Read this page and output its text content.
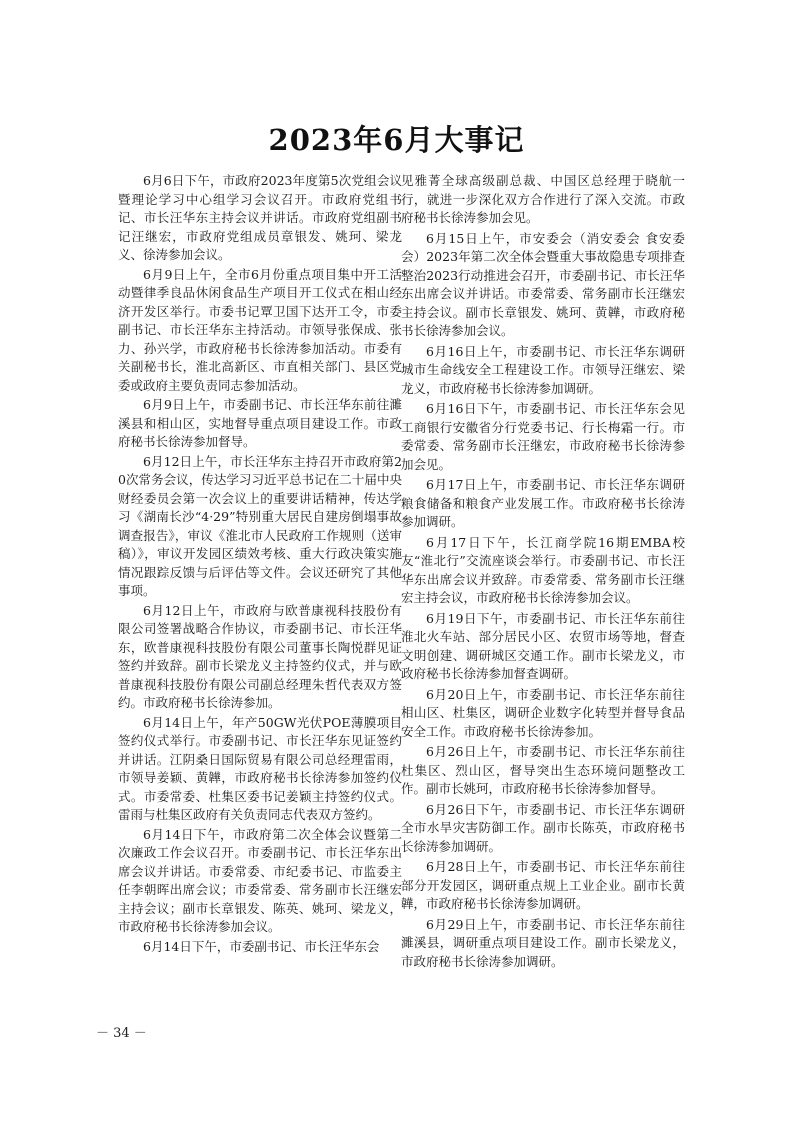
2023年6月大事记

6月6日下午，市政府2023年度第5次党组会议暨理论学习中心组学习会议召开。市政府党组书记、市长汪华东主持会议并讲话。市政府党组副书记汪继宏，市政府党组成员章银发、姚珂、梁龙义、徐涛参加会议。

6月9日上午，全市6月份重点项目集中开工活动暨律季良品休闲食品生产项目开工仪式在相山经济开发区举行。市委书记覃卫国下达开工令，市委副书记、市长汪华东主持活动。市领导张保成、张力、孙兴学，市政府秘书长徐涛参加活动。市委有关副秘书长，淮北高新区、市直相关部门、县区党委或政府主要负责同志参加活动。

6月9日上午，市委副书记、市长汪华东前往濉溪县和相山区，实地督导重点项目建设工作。市政府秘书长徐涛参加督导。

6月12日上午，市长汪华东主持召开市政府第20次常务会议，传达学习习近平总书记在二十届中央财经委员会第一次会议上的重要讲话精神，传达学习《湖南长沙“4·29”特别重大居民自建房倒塌事故调查报告》，审议《淮北市人民政府工作规则（送审稿）》，审议开发园区绩效考核、重大行政决策实施情况跟踪反馈与后评估等文件。会议还研究了其他事项。

6月12日上午，市政府与欧普康视科技股份有限公司签署战略合作协议，市委副书记、市长汪华东，欧普康视科技股份有限公司董事长陶悦群见证签约并致辞。副市长梁龙义主持签约仪式，并与欧普康视科技股份有限公司副总经理朱哲代表双方签约。市政府秘书长徐涛参加。

6月14日上午，年产50GW光伏POE薄膜项目签约仪式举行。市委副书记、市长汪华东见证签约并讲话。江阴桑日国际贸易有限公司总经理雷雨，市领导姜颖、黄韡，市政府秘书长徐涛参加签约仪式。市委常委、杜集区委书记姜颖主持签约仪式。雷雨与杜集区政府有关负责同志代表双方签约。

6月14日下午，市政府第二次全体会议暨第二次廉政工作会议召开。市委副书记、市长汪华东出席会议并讲话。市委常委、市纪委书记、市监委主任李朝晖出席会议；市委常委、常务副市长汪继宏主持会议；副市长章银发、陈英、姚珂、梁龙义，市政府秘书长徐涛参加会议。

6月14日下午，市委副书记、市长汪华东会

见雅菁全球高级副总裁、中国区总经理于晓航一行，就进一步深化双方合作进行了深入交流。市政府秘书长徐涛参加会见。

6月15日上午，市安委会（消安委会 食安委会）2023年第二次全体会暨重大事故隐患专项排查整治2023行动推进会召开，市委副书记、市长汪华东出席会议并讲话。市委常委、常务副市长汪继宏主持会议。副市长章银发、姚珂、黄韡，市政府秘书长徐涛参加会议。

6月16日上午，市委副书记、市长汪华东调研城市生命线安全工程建设工作。市领导汪继宏、梁龙义，市政府秘书长徐涛参加调研。

6月16日下午，市委副书记、市长汪华东会见工商银行安徽省分行党委书记、行长梅霜一行。市委常委、常务副市长汪继宏，市政府秘书长徐涛参加会见。

6月17日上午，市委副书记、市长汪华东调研粮食储备和粮食产业发展工作。市政府秘书长徐涛参加调研。

6月17日下午，长江商学院16期EMBA校友“淮北行”交流座谈会举行。市委副书记、市长汪华东出席会议并致辞。市委常委、常务副市长汪继宏主持会议，市政府秘书长徐涛参加会议。

6月19日下午，市委副书记、市长汪华东前往淮北火车站、部分居民小区、农贸市场等地，督查文明创建、调研城区交通工作。副市长梁龙义，市政府秘书长徐涛参加督查调研。

6月20日上午，市委副书记、市长汪华东前往相山区、杜集区，调研企业数字化转型并督导食品安全工作。市政府秘书长徐涛参加。

6月26日上午，市委副书记、市长汪华东前往杜集区、烈山区，督导突出生态环境问题整改工作。副市长姚珂，市政府秘书长徐涛参加督导。

6月26日下午，市委副书记、市长汪华东调研全市水旱灾害防御工作。副市长陈英，市政府秘书长徐涛参加调研。

6月28日上午，市委副书记、市长汪华东前往部分开发园区，调研重点规上工业企业。副市长黄韡，市政府秘书长徐涛参加调研。

6月29日上午，市委副书记、市长汪华东前往濉溪县，调研重点项目建设工作。副市长梁龙义，市政府秘书长徐涛参加调研。

－ 34 －
